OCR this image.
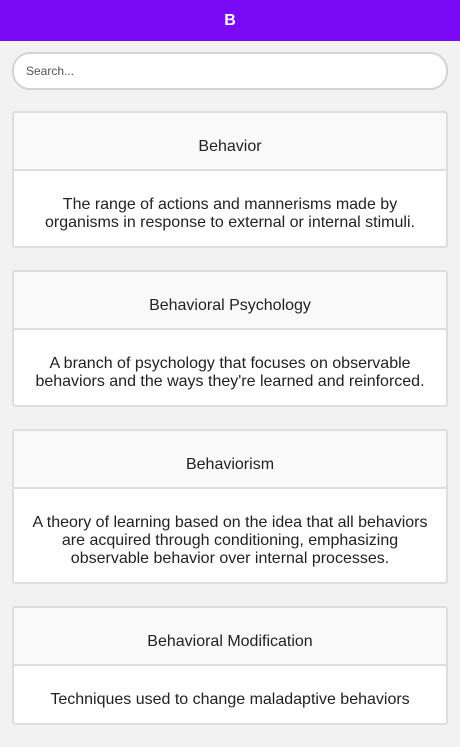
B
Search...
Behavior
The range of actions and mannerisms made by organisms in response to external or internal stimuli.
Behavioral Psychology
A branch of psychology that focuses on observable behaviors and the ways they're learned and reinforced.
Behaviorism
A theory of learning based on the idea that all behaviors are acquired through conditioning, emphasizing observable behavior over internal processes.
Behavioral Modification
Techniques used to change maladaptive behaviors
